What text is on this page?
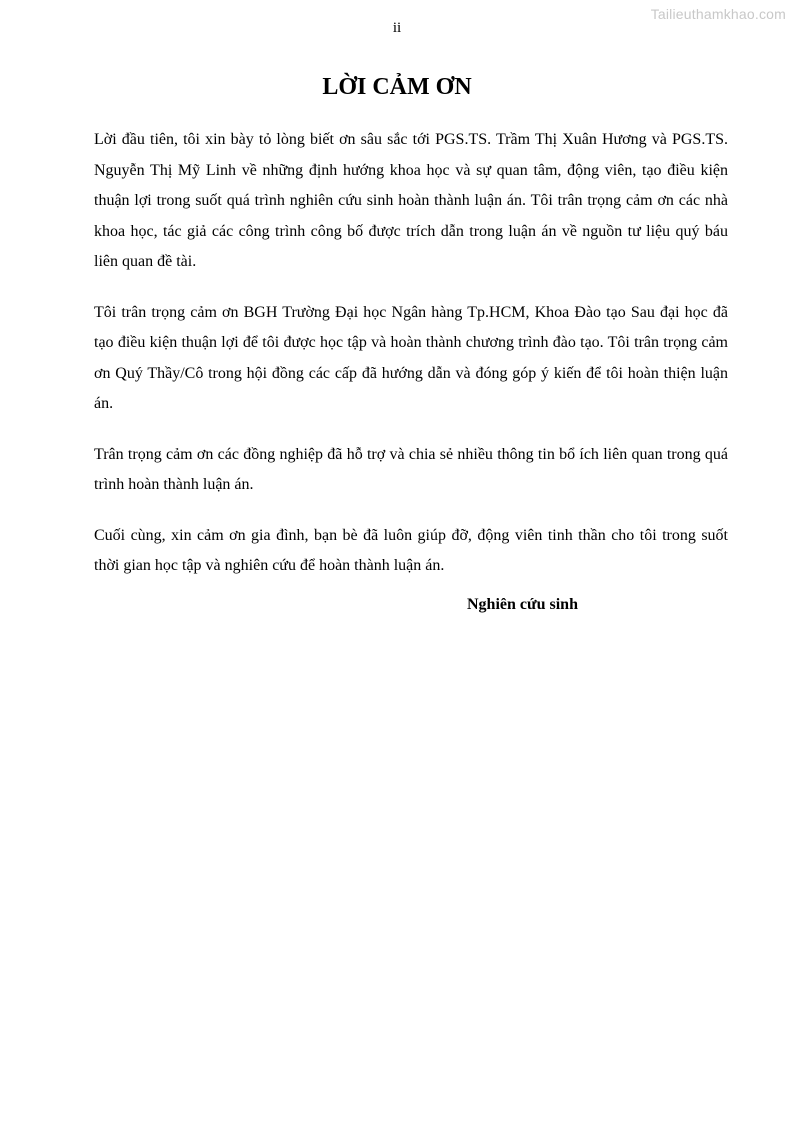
Tailieuthamkhao.com
ii
LỜI CẢM ƠN

Lời đầu tiên, tôi xin bày tỏ lòng biết ơn sâu sắc tới PGS.TS. Trầm Thị Xuân Hương và PGS.TS. Nguyễn Thị Mỹ Linh về những định hướng khoa học và sự quan tâm, động viên, tạo điều kiện thuận lợi trong suốt quá trình nghiên cứu sinh hoàn thành luận án. Tôi trân trọng cảm ơn các nhà khoa học, tác giả các công trình công bố được trích dẫn trong luận án về nguồn tư liệu quý báu liên quan đề tài.

Tôi trân trọng cảm ơn BGH Trường Đại học Ngân hàng Tp.HCM, Khoa Đào tạo Sau đại học đã tạo điều kiện thuận lợi để tôi được học tập và hoàn thành chương trình đào tạo. Tôi trân trọng cảm ơn Quý Thầy/Cô trong hội đồng các cấp đã hướng dẫn và đóng góp ý kiến để tôi hoàn thiện luận án.

Trân trọng cảm ơn các đồng nghiệp đã hỗ trợ và chia sẻ nhiều thông tin bổ ích liên quan trong quá trình hoàn thành luận án.

Cuối cùng, xin cảm ơn gia đình, bạn bè đã luôn giúp đỡ, động viên tinh thần cho tôi trong suốt thời gian học tập và nghiên cứu để hoàn thành luận án.

Nghiên cứu sinh
